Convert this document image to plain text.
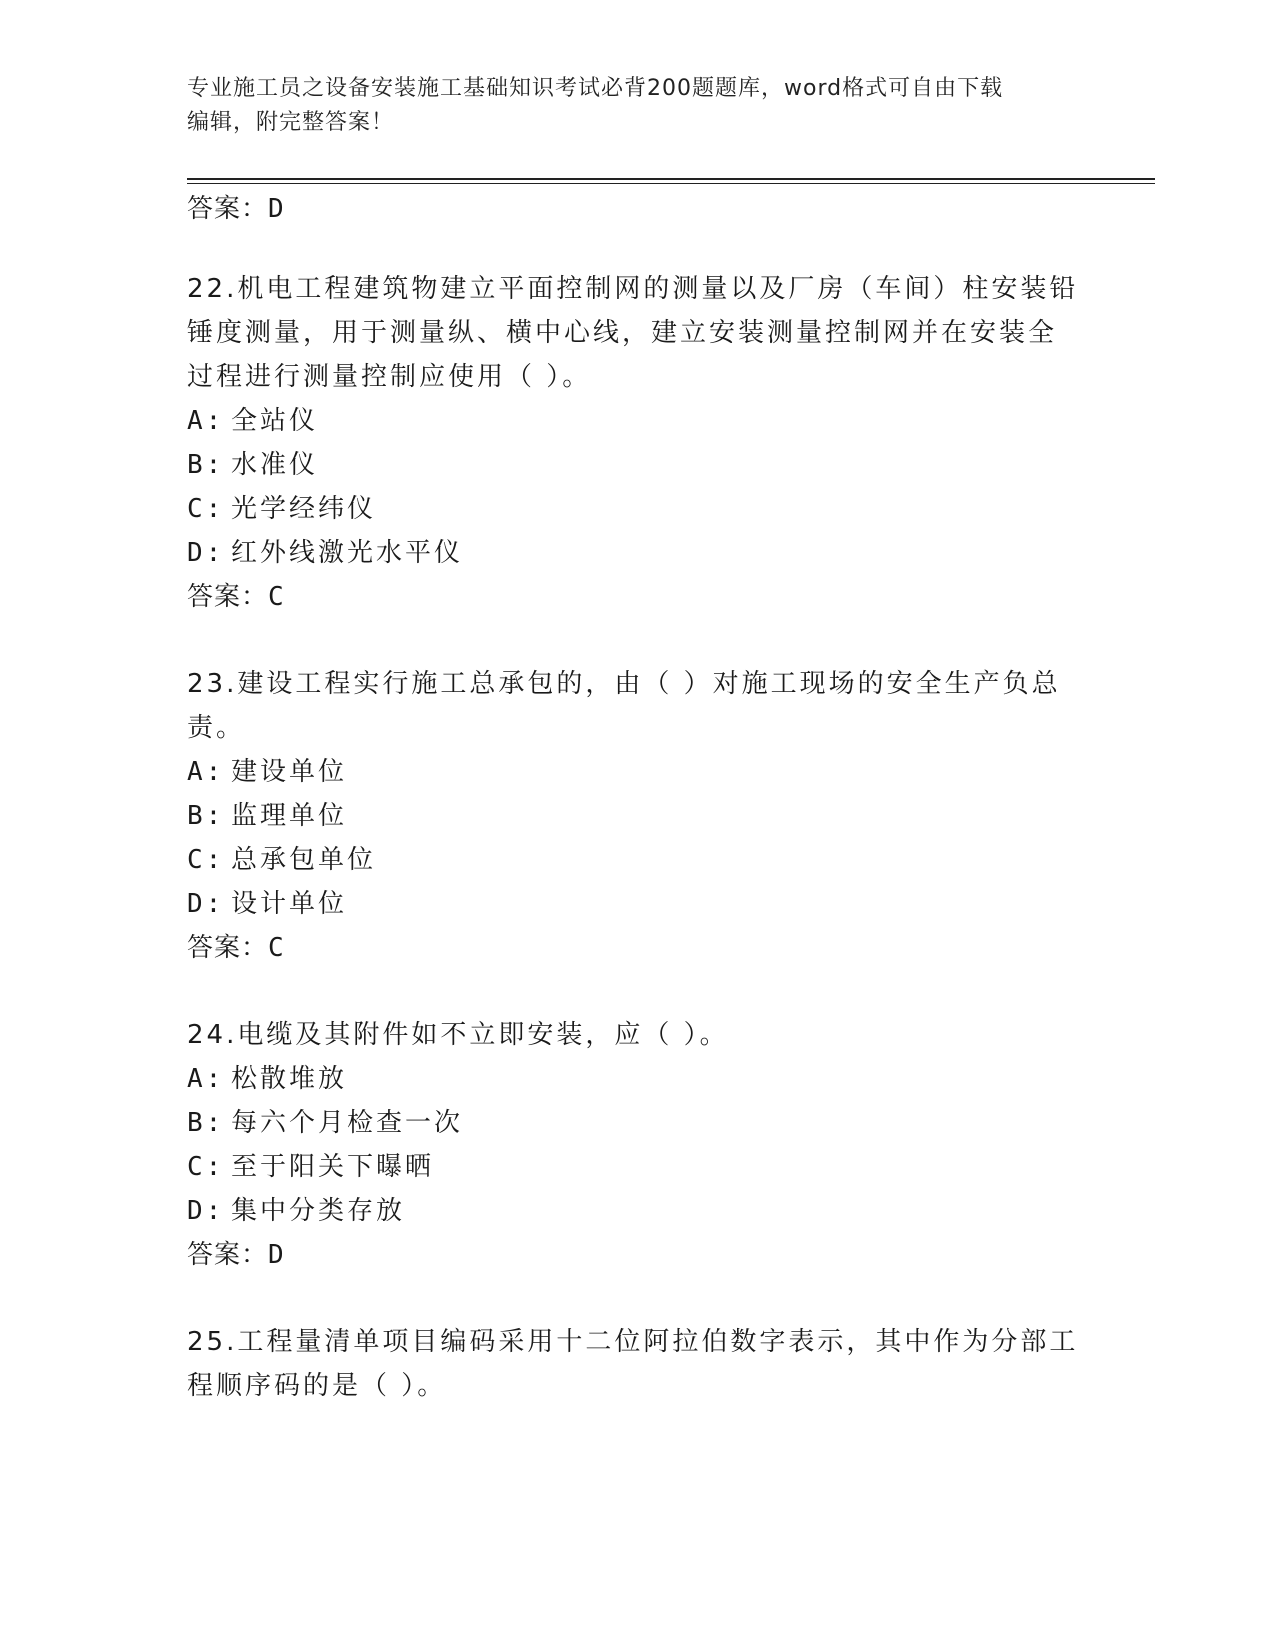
专业施工员之设备安装施工基础知识考试必背200题题库，word格式可自由下载
编辑，附完整答案！
答案：D
22.机电工程建筑物建立平面控制网的测量以及厂房（车间）柱安装铅
锤度测量，用于测量纵、横中心线，建立安装测量控制网并在安装全
过程进行测量控制应使用（ ）。
A: 全站仪
B: 水准仪
C: 光学经纬仪
D: 红外线激光水平仪
答案：C
23.建设工程实行施工总承包的，由（ ）对施工现场的安全生产负总
责。
A: 建设单位
B: 监理单位
C: 总承包单位
D: 设计单位
答案：C
24.电缆及其附件如不立即安装，应（ ）。
A: 松散堆放
B: 每六个月检查一次
C: 至于阳关下曝晒
D: 集中分类存放
答案：D
25.工程量清单项目编码采用十二位阿拉伯数字表示，其中作为分部工
程顺序码的是（ ）。
